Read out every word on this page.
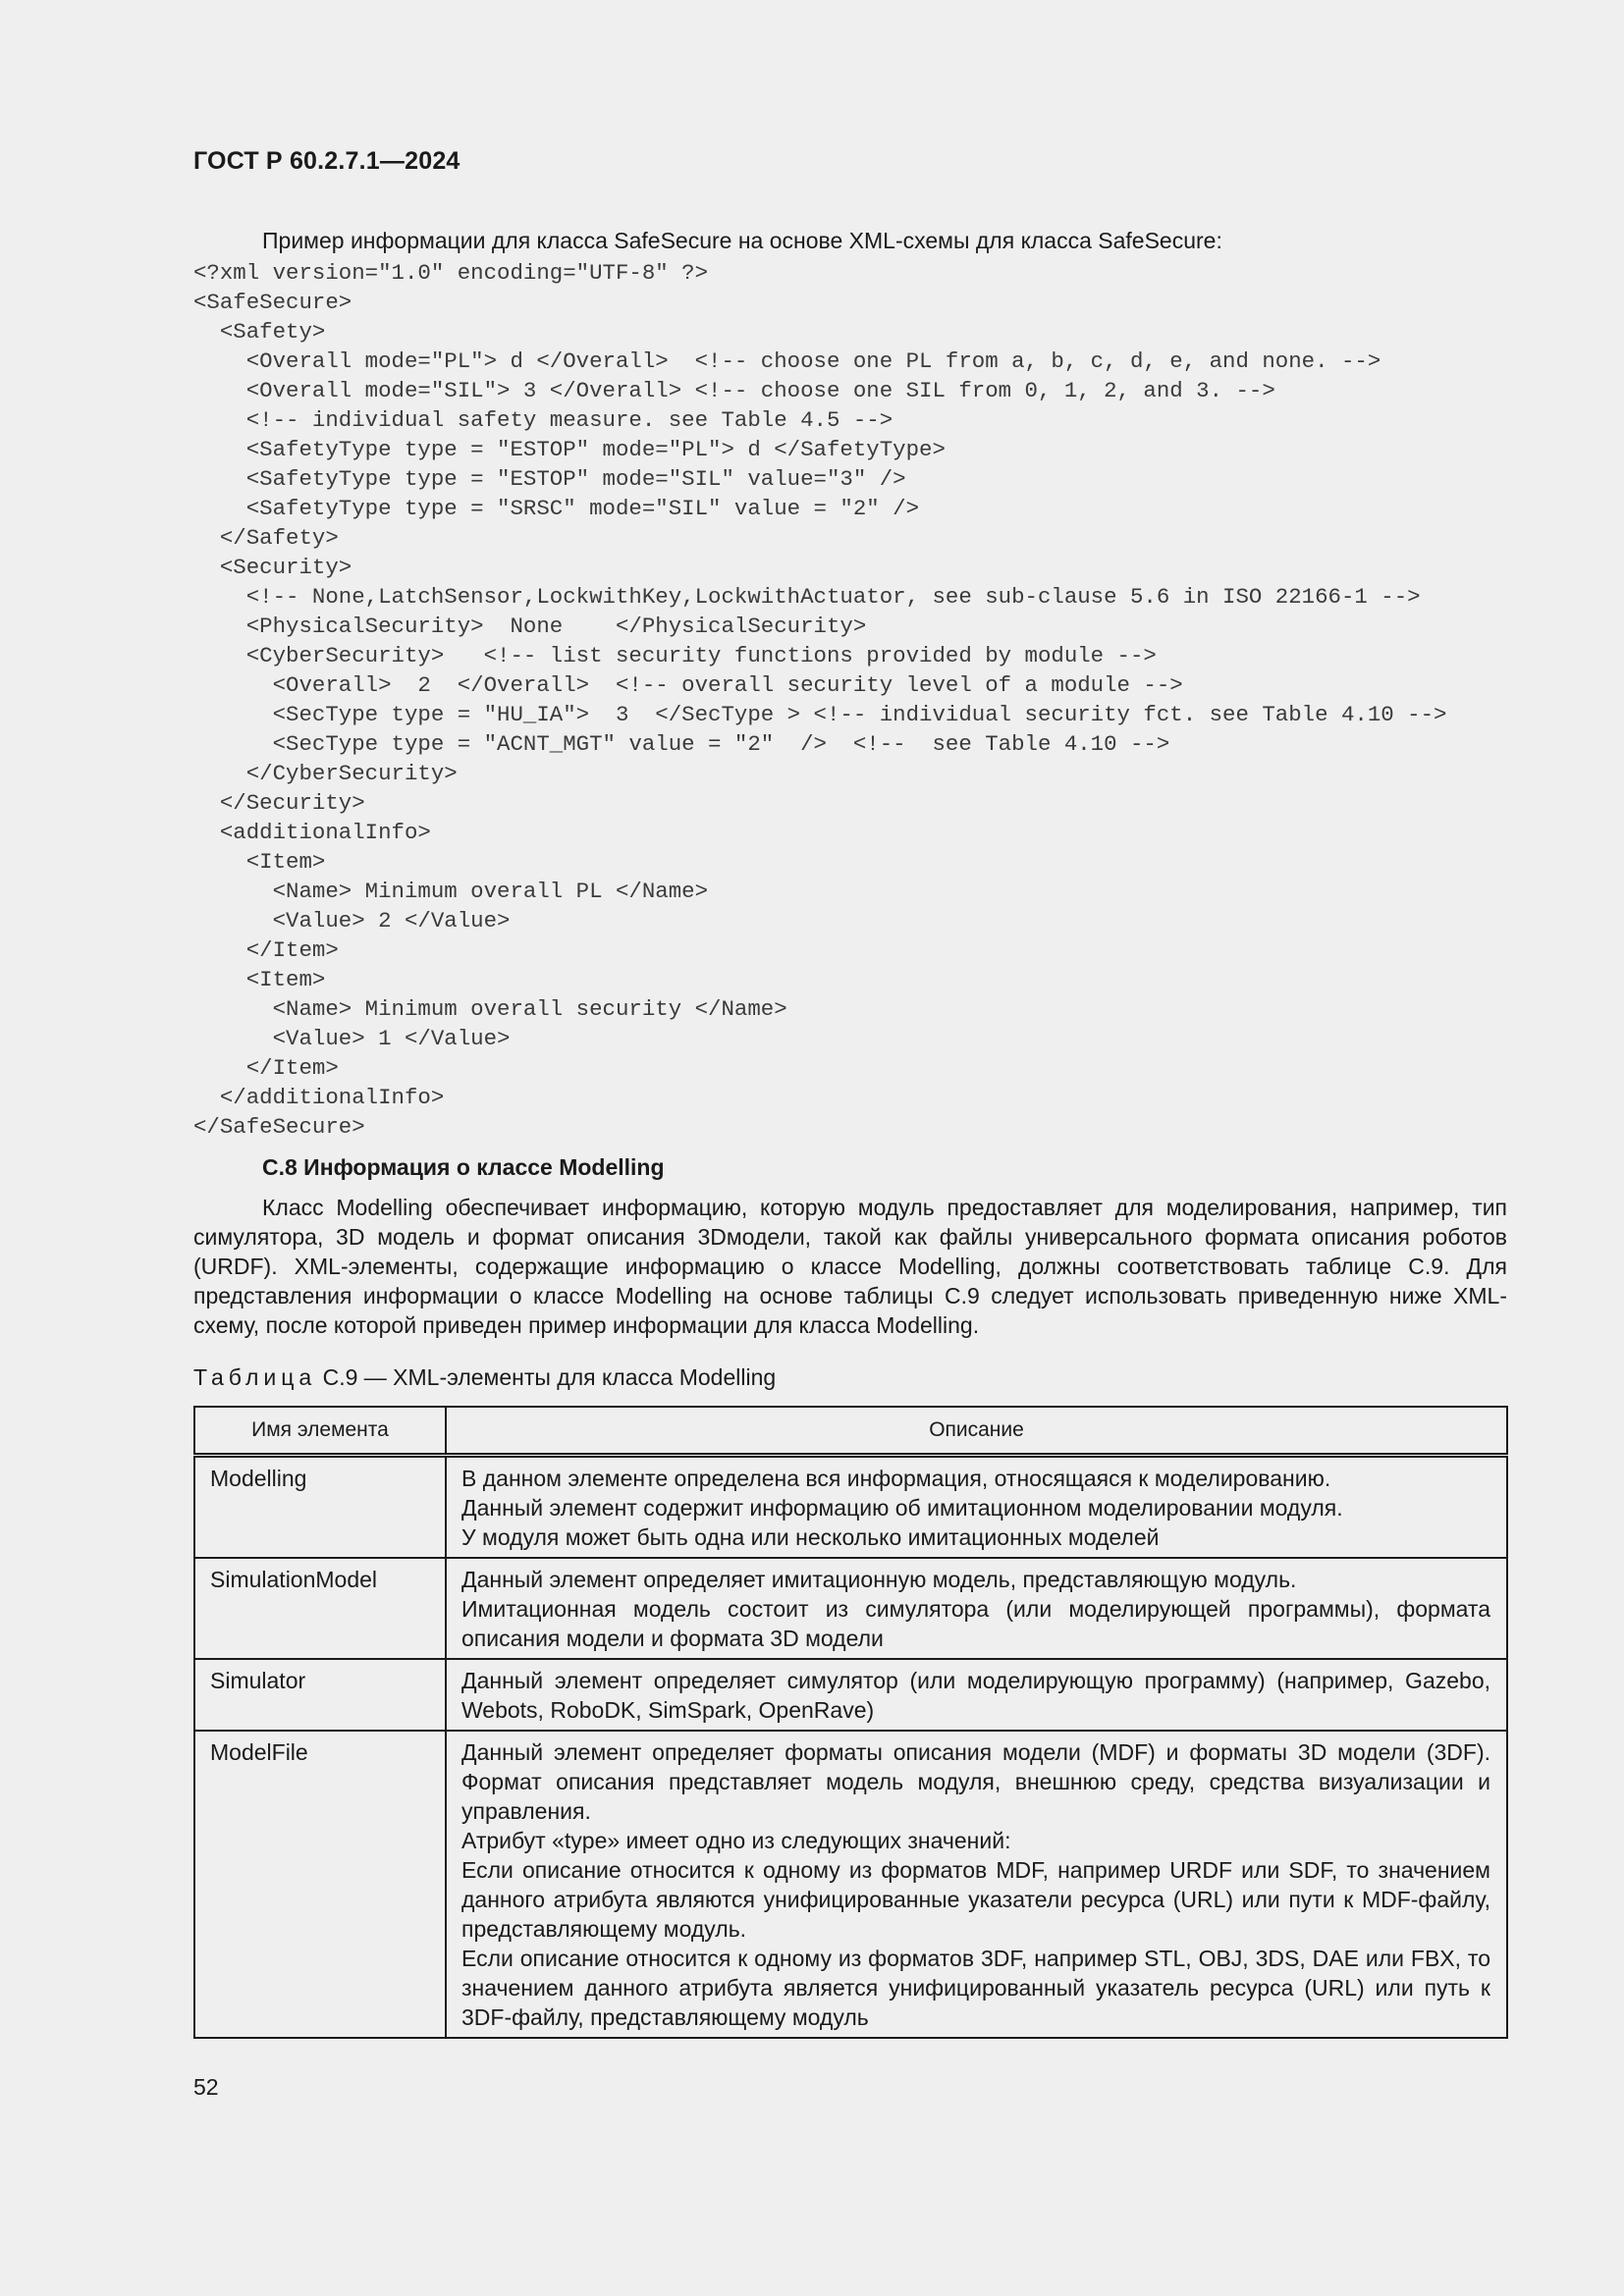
ГОСТ Р 60.2.7.1—2024
Пример информации для класса SafeSecure на основе XML-схемы для класса SafeSecure:
<?xml version="1.0" encoding="UTF-8" ?>
<SafeSecure>
<Safety>
<Overall mode="PL"> d </Overall>  <!-- choose one PL from a, b, c, d, e, and none. -->
<Overall mode="SIL"> 3 </Overall> <!-- choose one SIL from 0, 1, 2, and 3. -->
<!-- individual safety measure. see Table 4.5 -->
<SafetyType type = "ESTOP" mode="PL"> d </SafetyType>
<SafetyType type = "ESTOP" mode="SIL" value="3" />
<SafetyType type = "SRSC" mode="SIL" value = "2" />
</Safety>
<Security>
<!-- None,LatchSensor,LockwithKey,LockwithActuator, see sub-clause 5.6 in ISO 22166-1 -->
<PhysicalSecurity>  None    </PhysicalSecurity>
<CyberSecurity>   <!-- list security functions provided by module -->
<Overall>  2  </Overall>  <!-- overall security level of a module -->
<SecType type = "HU_IA">  3  </SecType > <!-- individual security fct. see Table 4.10 -->
<SecType type = "ACNT_MGT" value = "2"  />  <!--  see Table 4.10 -->
</CyberSecurity>
</Security>
<additionalInfo>
<Item>
<Name> Minimum overall PL </Name>
<Value> 2 </Value>
</Item>
<Item>
<Name> Minimum overall security </Name>
<Value> 1 </Value>
</Item>
</additionalInfo>
</SafeSecure>

С.8 Информация о классе Modelling
Класс Modelling обеспечивает информацию, которую модуль предоставляет для моделирования, например, тип симулятора, 3D модель и формат описания 3Dмодели, такой как файлы универсального формата описания роботов (URDF). XML-элементы, содержащие информацию о классе Modelling, должны соответствовать таблице С.9. Для представления информации о классе Modelling на основе таблицы С.9 следует использовать приведенную ниже XML-схему, после которой приведен пример информации для класса Modelling.
Таблица С.9 — XML-элементы для класса Modelling
Имя элемента	Описание
Modelling	В данном элементе определена вся информация, относящаяся к моделированию.
Данный элемент содержит информацию об имитационном моделировании модуля.
У модуля может быть одна или несколько имитационных моделей

SimulationModel	Данный элемент определяет имитационную модель, представляющую модуль.
Имитационная модель состоит из симулятора (или моделирующей программы), формата описания модели и формата 3D модели

Simulator	Данный элемент определяет симулятор (или моделирующую программу) (например, Gazebo, Webots, RoboDK, SimSpark, OpenRave)

ModelFile	Данный элемент определяет форматы описания модели (MDF) и форматы 3D модели (3DF). Формат описания представляет модель модуля, внешнюю среду, средства визуализации и управления.
Атрибут «type» имеет одно из следующих значений:
Если описание относится к одному из форматов MDF, например URDF или SDF, то значением данного атрибута являются унифицированные указатели ресурса (URL) или пути к MDF-файлу, представляющему модуль.
Если описание относится к одному из форматов 3DF, например STL, OBJ, 3DS, DAE или FBX, то значением данного атрибута является унифицированный указатель ресурса (URL) или путь к 3DF-файлу, представляющему модуль
52
